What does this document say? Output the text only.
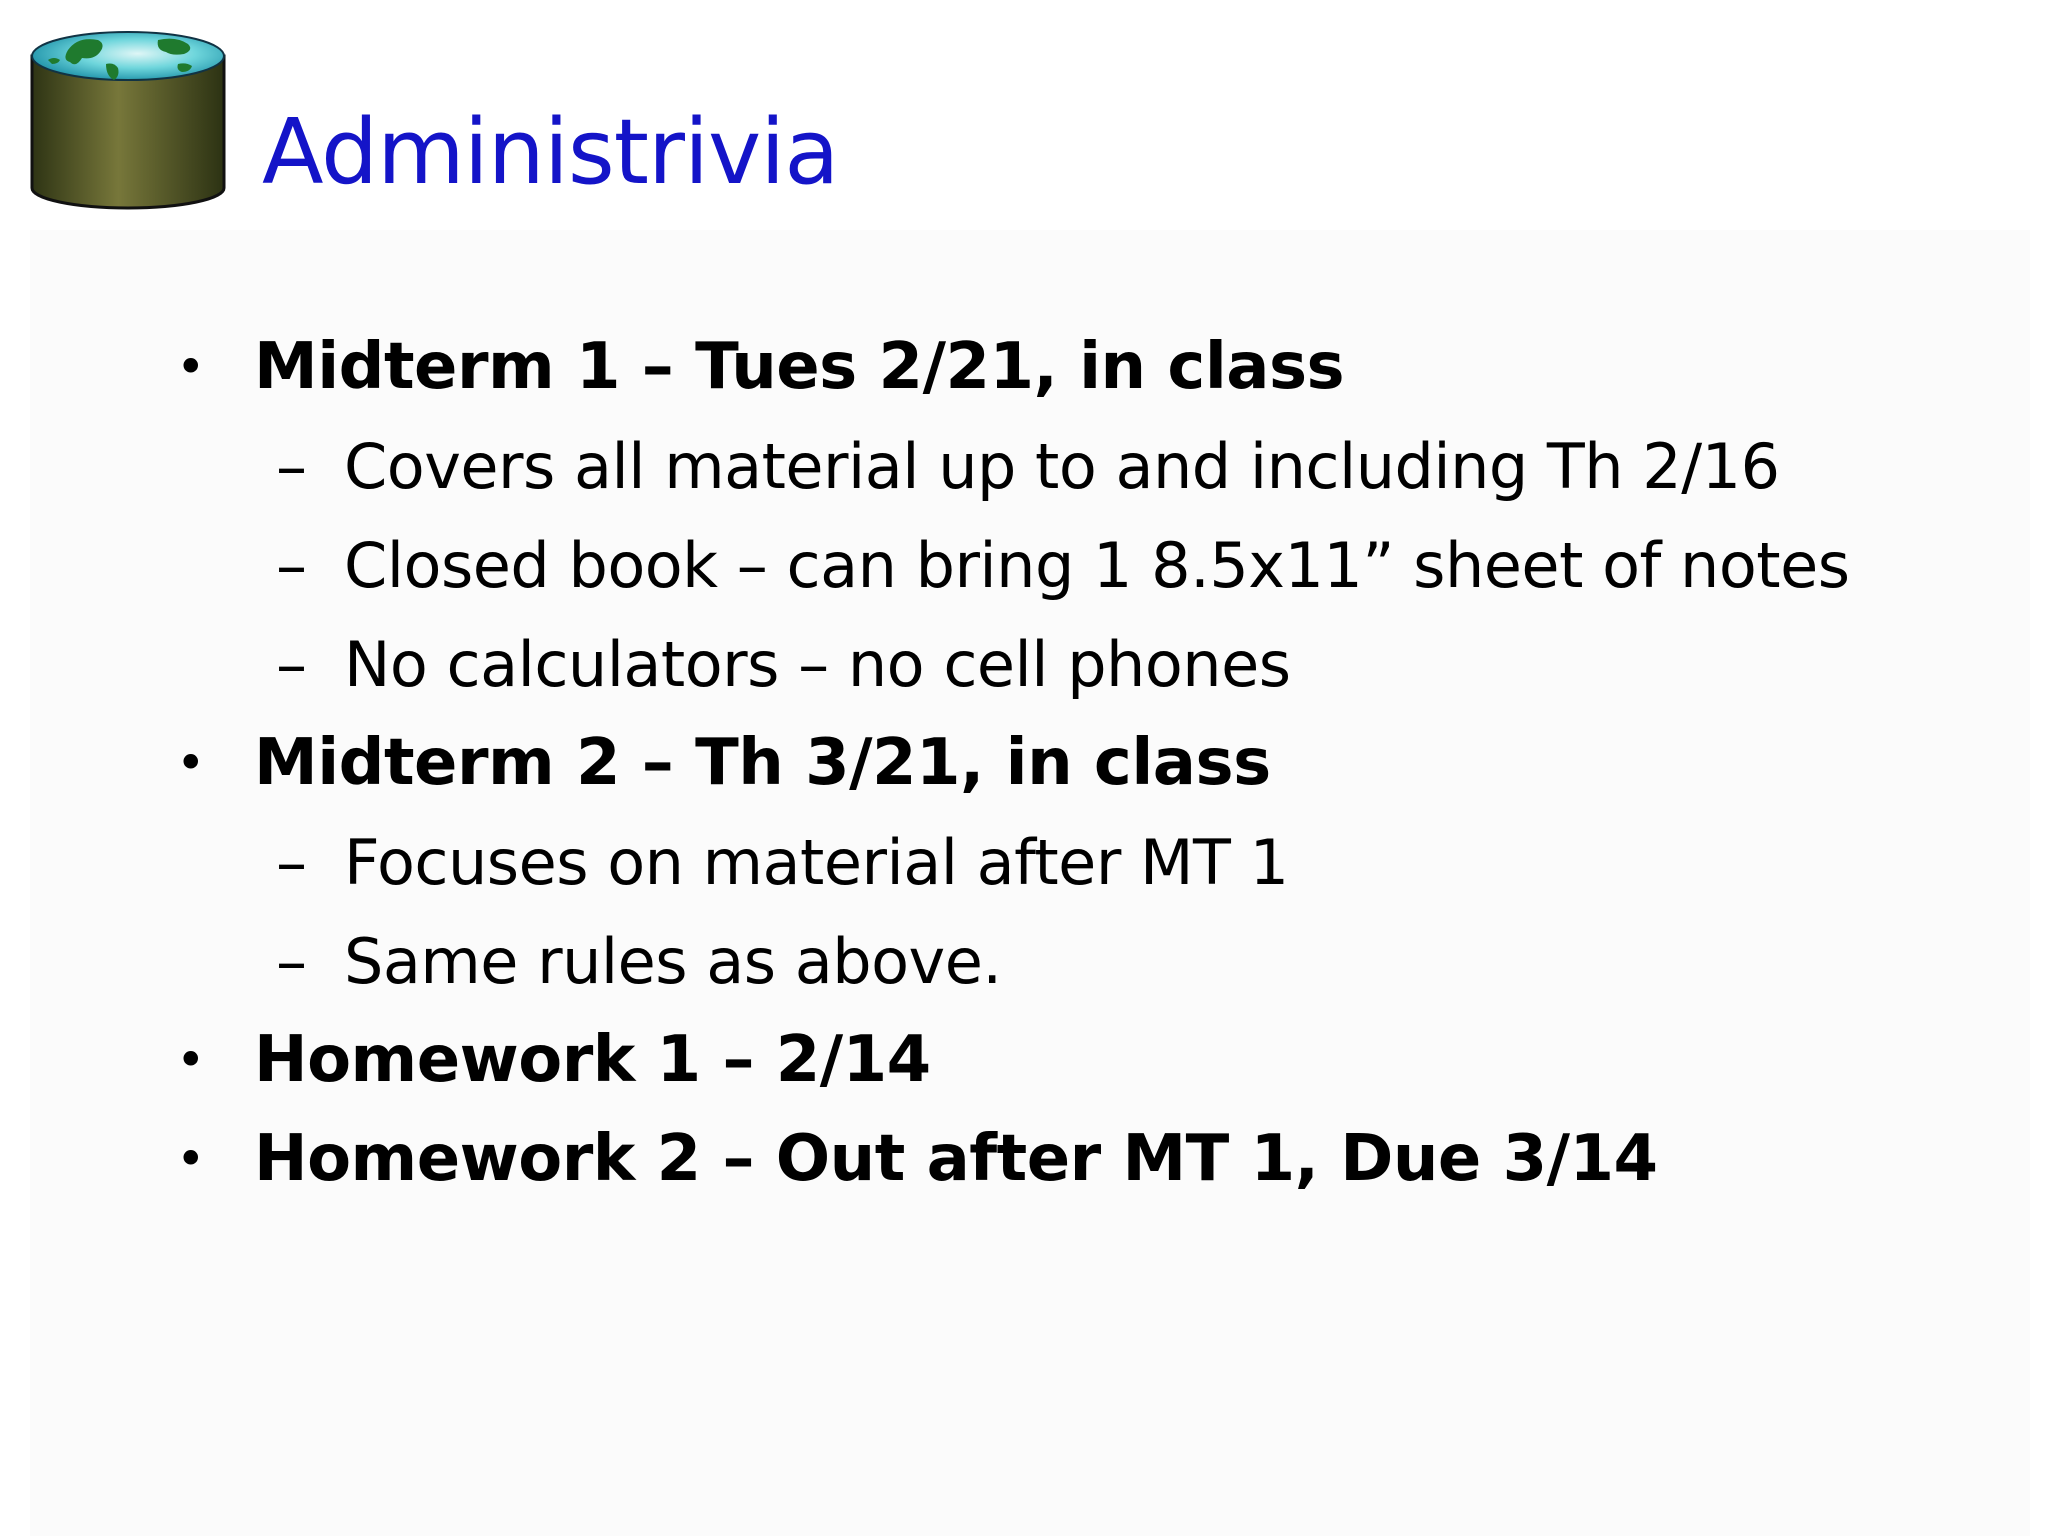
Administrivia
• Midterm 1 – Tues 2/21, in class
– Covers all material up to and including Th 2/16
– Closed book – can bring 1 8.5x11” sheet of notes
– No calculators – no cell phones
• Midterm 2 – Th 3/21, in class
– Focuses on material after MT 1
– Same rules as above.
• Homework 1 – 2/14
• Homework 2 – Out after MT 1, Due 3/14
